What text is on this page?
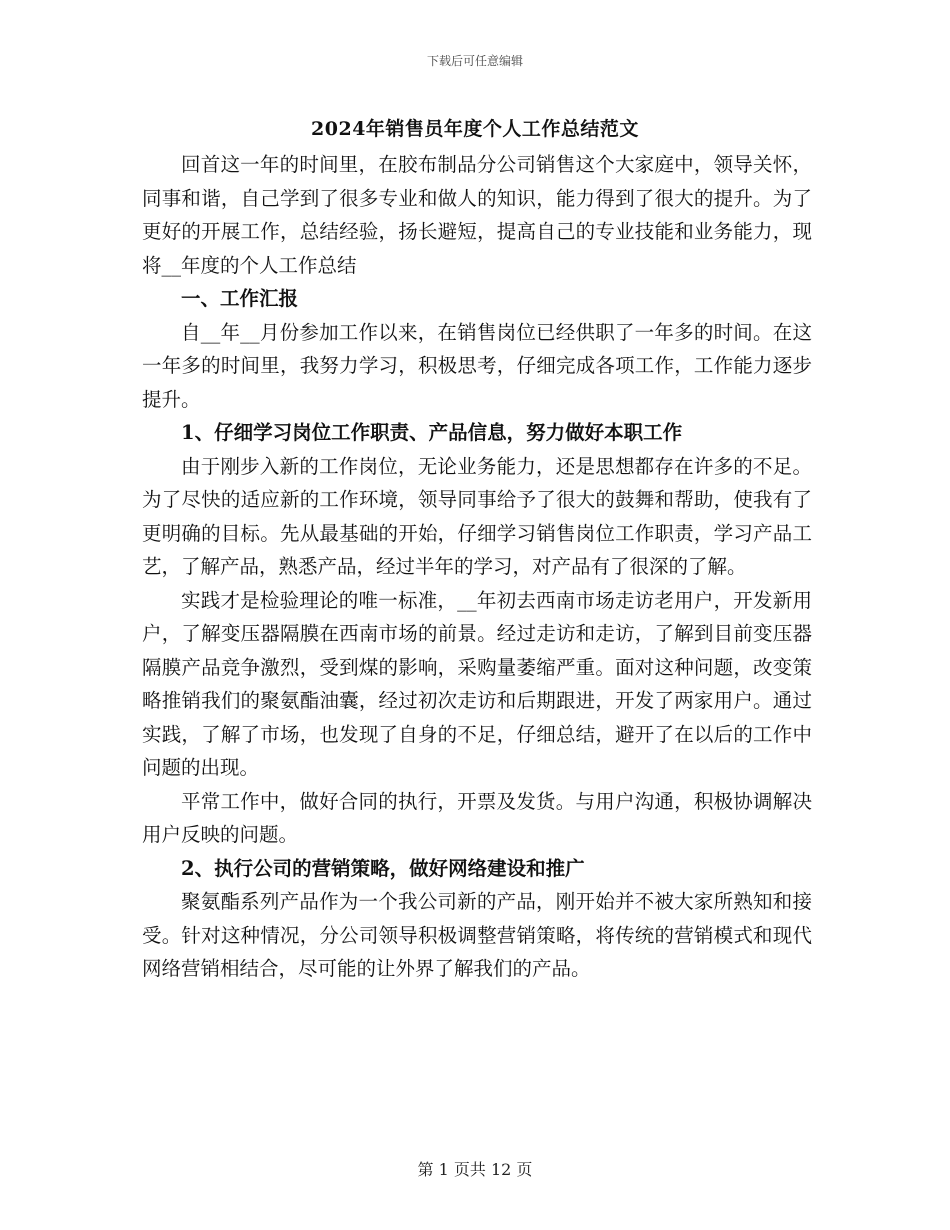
下载后可任意编辑
2024年销售员年度个人工作总结范文

回首这一年的时间里，在胶布制品分公司销售这个大家庭中，领导关怀，同事和谐，自己学到了很多专业和做人的知识，能力得到了很大的提升。为了更好的开展工作，总结经验，扬长避短，提高自己的专业技能和业务能力，现将__年度的个人工作总结

一、工作汇报

自__年__月份参加工作以来，在销售岗位已经供职了一年多的时间。在这一年多的时间里，我努力学习，积极思考，仔细完成各项工作，工作能力逐步提升。

1、仔细学习岗位工作职责、产品信息，努力做好本职工作

由于刚步入新的工作岗位，无论业务能力，还是思想都存在许多的不足。为了尽快的适应新的工作环境，领导同事给予了很大的鼓舞和帮助，使我有了更明确的目标。先从最基础的开始，仔细学习销售岗位工作职责，学习产品工艺，了解产品，熟悉产品，经过半年的学习，对产品有了很深的了解。

实践才是检验理论的唯一标准，__年初去西南市场走访老用户，开发新用户，了解变压器隔膜在西南市场的前景。经过走访和走访，了解到目前变压器隔膜产品竞争激烈，受到煤的影响，采购量萎缩严重。面对这种问题，改变策略推销我们的聚氨酯油囊，经过初次走访和后期跟进，开发了两家用户。通过实践，了解了市场，也发现了自身的不足，仔细总结，避开了在以后的工作中问题的出现。

平常工作中，做好合同的执行，开票及发货。与用户沟通，积极协调解决用户反映的问题。

2、执行公司的营销策略，做好网络建设和推广

聚氨酯系列产品作为一个我公司新的产品，刚开始并不被大家所熟知和接受。针对这种情况，分公司领导积极调整营销策略，将传统的营销模式和现代网络营销相结合，尽可能的让外界了解我们的产品。

第 1 页共 12 页
